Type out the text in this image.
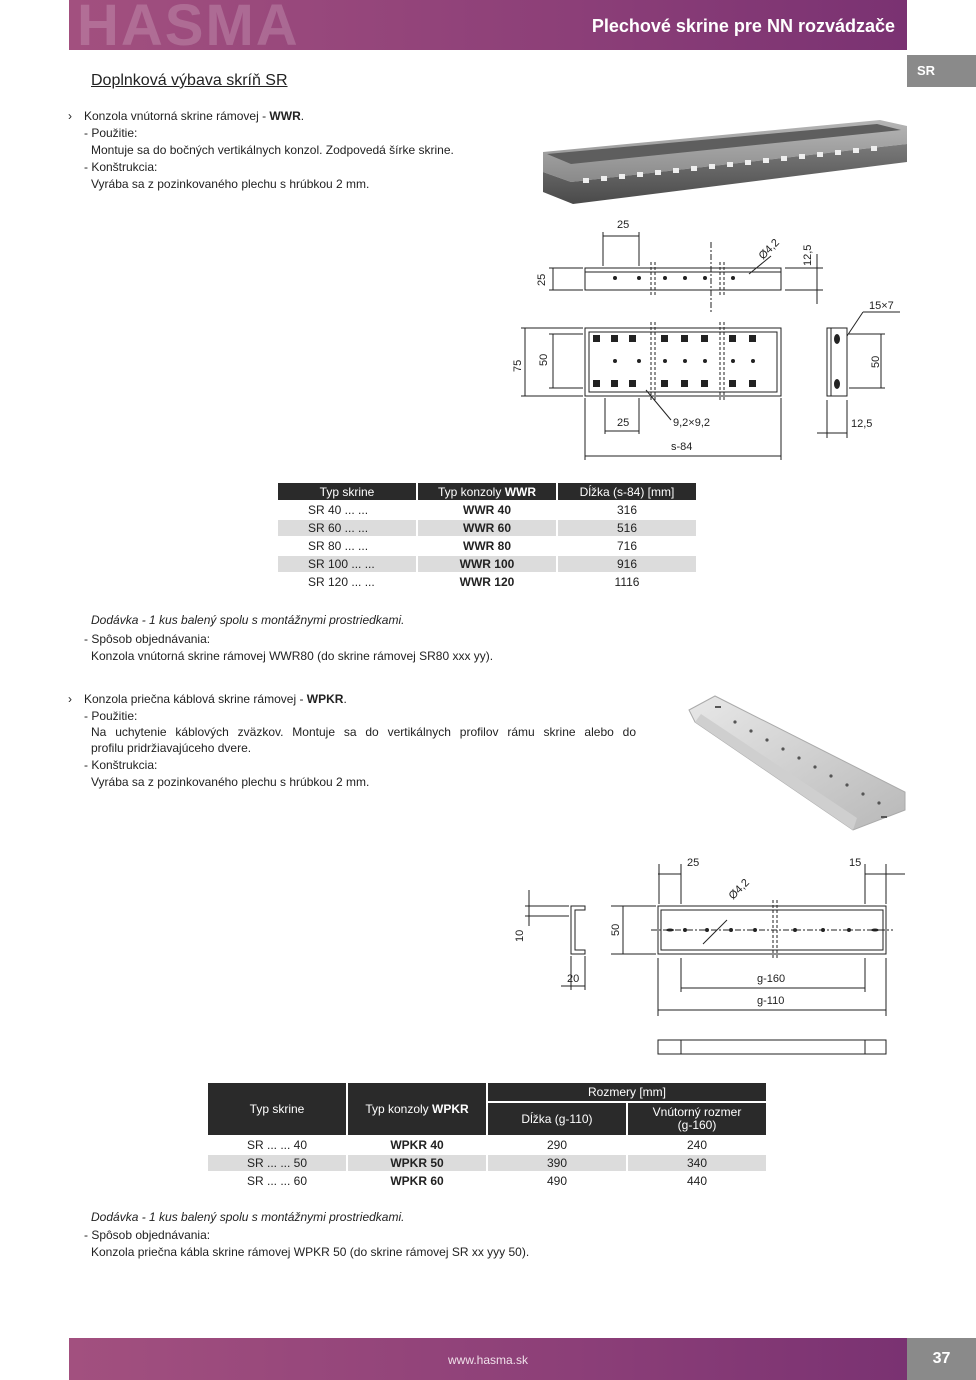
HASMA	Plechové skrine pre NN rozvádzače
SR
Doplnková výbava skríň SR
› Konzola vnútorná skrine rámovej - WWR.
- Použitie:
Montuje sa do bočných vertikálnych konzol. Zodpovedá šírke skrine.
- Konštrukcia:
Vyrába sa z pozinkovaného plechu s hrúbkou 2 mm.
25
25
Ø4,2 12,5
75 50
15×7
50
25	9,2×9,2	12,5
s-84
Typ skrine	Typ konzoly WWR	Dĺžka (s-84) [mm]
SR 40 ... ...	WWR 40	316
SR 60 ... ...	WWR 60	516
SR 80 ... ...	WWR 80	716
SR 100 ... ...	WWR 100	916
SR 120 ... ...	WWR 120	1116
Dodávka - 1 kus balený spolu s montážnymi prostriedkami.
- Spôsob objednávania:
Konzola vnútorná skrine rámovej WWR80 (do skrine rámovej SR80 xxx yy).
› Konzola priečna káblová skrine rámovej - WPKR.
- Použitie:
Na uchytenie káblových zväzkov. Montuje sa do vertikálnych profilov rámu skrine alebo do
profilu pridržiavajúceho dvere.
- Konštrukcia:
Vyrába sa z pozinkovaného plechu s hrúbkou 2 mm.
10
20
25	15
Ø4,2
50
g-160
g-110
Typ skrine	Typ konzoly WPKR	Rozmery [mm]	
		Dĺžka (g-110)	Vnútorný rozmer
(g-160)
SR ... ... 40	WPKR 40	290	240
SR ... ... 50	WPKR 50	390	340
SR ... ... 60	WPKR 60	490	440
Dodávka - 1 kus balený spolu s montážnymi prostriedkami.
- Spôsob objednávania:
Konzola priečna kábla skrine rámovej WPKR 50 (do skrine rámovej SR xx yyy 50).
www.hasma.sk	37
